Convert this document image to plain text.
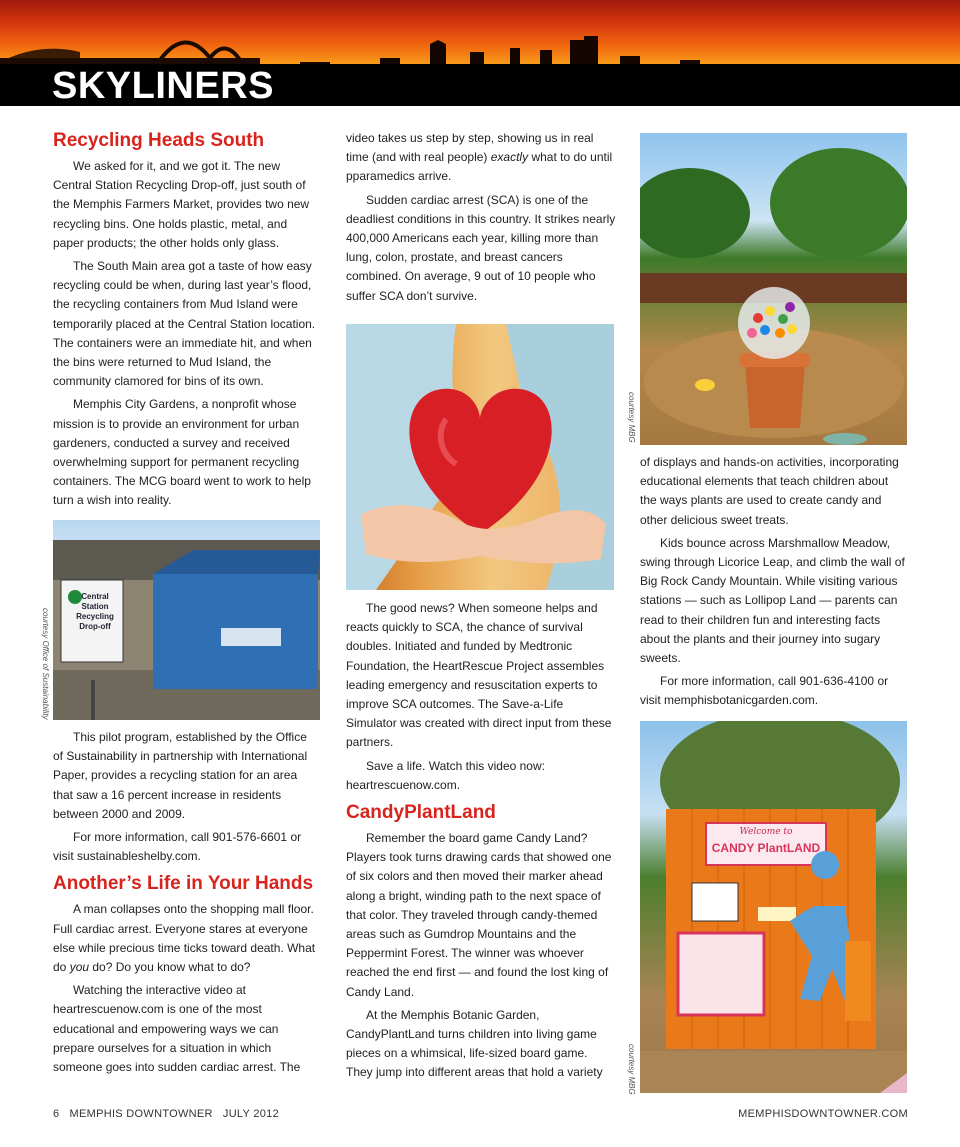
SKYLINERS
Recycling Heads South

We asked for it, and we got it. The new Central Station Recycling Drop-off, just south of the Memphis Farmers Market, provides two new recycling bins. One holds plastic, metal, and paper products; the other holds only glass.

The South Main area got a taste of how easy recycling could be when, during last year’s flood, the recycling containers from Mud Island were temporarily placed at the Central Station location. The containers were an immediate hit, and when the bins were returned to Mud Island, the community clamored for bins of its own.

Memphis City Gardens, a nonprofit whose mission is to provide an environment for urban gardeners, conducted a survey and received overwhelming support for permanent recycling containers. The MCG board went to work to help turn a wish into reality.

Central Station Recycling Drop-off
courtesy Office of Sustainability

This pilot program, established by the Office of Sustainability in partnership with International Paper, provides a recycling station for an area that saw a 16 percent increase in residents between 2000 and 2009.

For more information, call 901-576-6601 or visit sustainableshelby.com.

Another’s Life in Your Hands

A man collapses onto the shopping mall floor. Full cardiac arrest. Everyone stares at everyone else while precious time ticks toward death. What do you do? Do you know what to do?

Watching the interactive video at heartrescuenow.com is one of the most educational and empowering ways we can prepare ourselves for a situation in which someone goes into sudden cardiac arrest. The

video takes us step by step, showing us in real time (and with real people) exactly what to do until pparamedics arrive.

Sudden cardiac arrest (SCA) is one of the deadliest conditions in this country. It strikes nearly 400,000 Americans each year, killing more than lung, colon, prostate, and breast cancers combined. On average, 9 out of 10 people who suffer SCA don’t survive.

The good news? When someone helps and reacts quickly to SCA, the chance of survival doubles. Initiated and funded by Medtronic Foundation, the HeartRescue Project assembles leading emergency and resuscitation experts to improve SCA outcomes. The Save-a-Life Simulator was created with direct input from these partners.

Save a life. Watch this video now: heartrescuenow.com.

CandyPlantLand

Remember the board game Candy Land? Players took turns drawing cards that showed one of six colors and then moved their marker ahead along a bright, winding path to the next space of that color. They traveled through candy-themed areas such as Gumdrop Mountains and the Peppermint Forest. The winner was whoever reached the end first — and found the lost king of Candy Land.

At the Memphis Botanic Garden, CandyPlantLand turns children into living game pieces on a whimsical, life-sized board game. They jump into different areas that hold a variety

courtesy MBG

of displays and hands-on activities, incorporating educational elements that teach children about the ways plants are used to create candy and other delicious sweet treats.

Kids bounce across Marshmallow Meadow, swing through Licorice Leap, and climb the wall of Big Rock Candy Mountain. While visiting various stations — such as Lollipop Land — parents can read to their children fun and interesting facts about the plants and their journey into sugary sweets.

For more information, call 901-636-4100 or visit memphisbotanicgarden.com.

Welcome to
CANDY PlantLAND
courtesy MBG
6 MEMPHIS DOWNTOWNER JULY 2012	MEMPHISDOWNTOWNER.COM
